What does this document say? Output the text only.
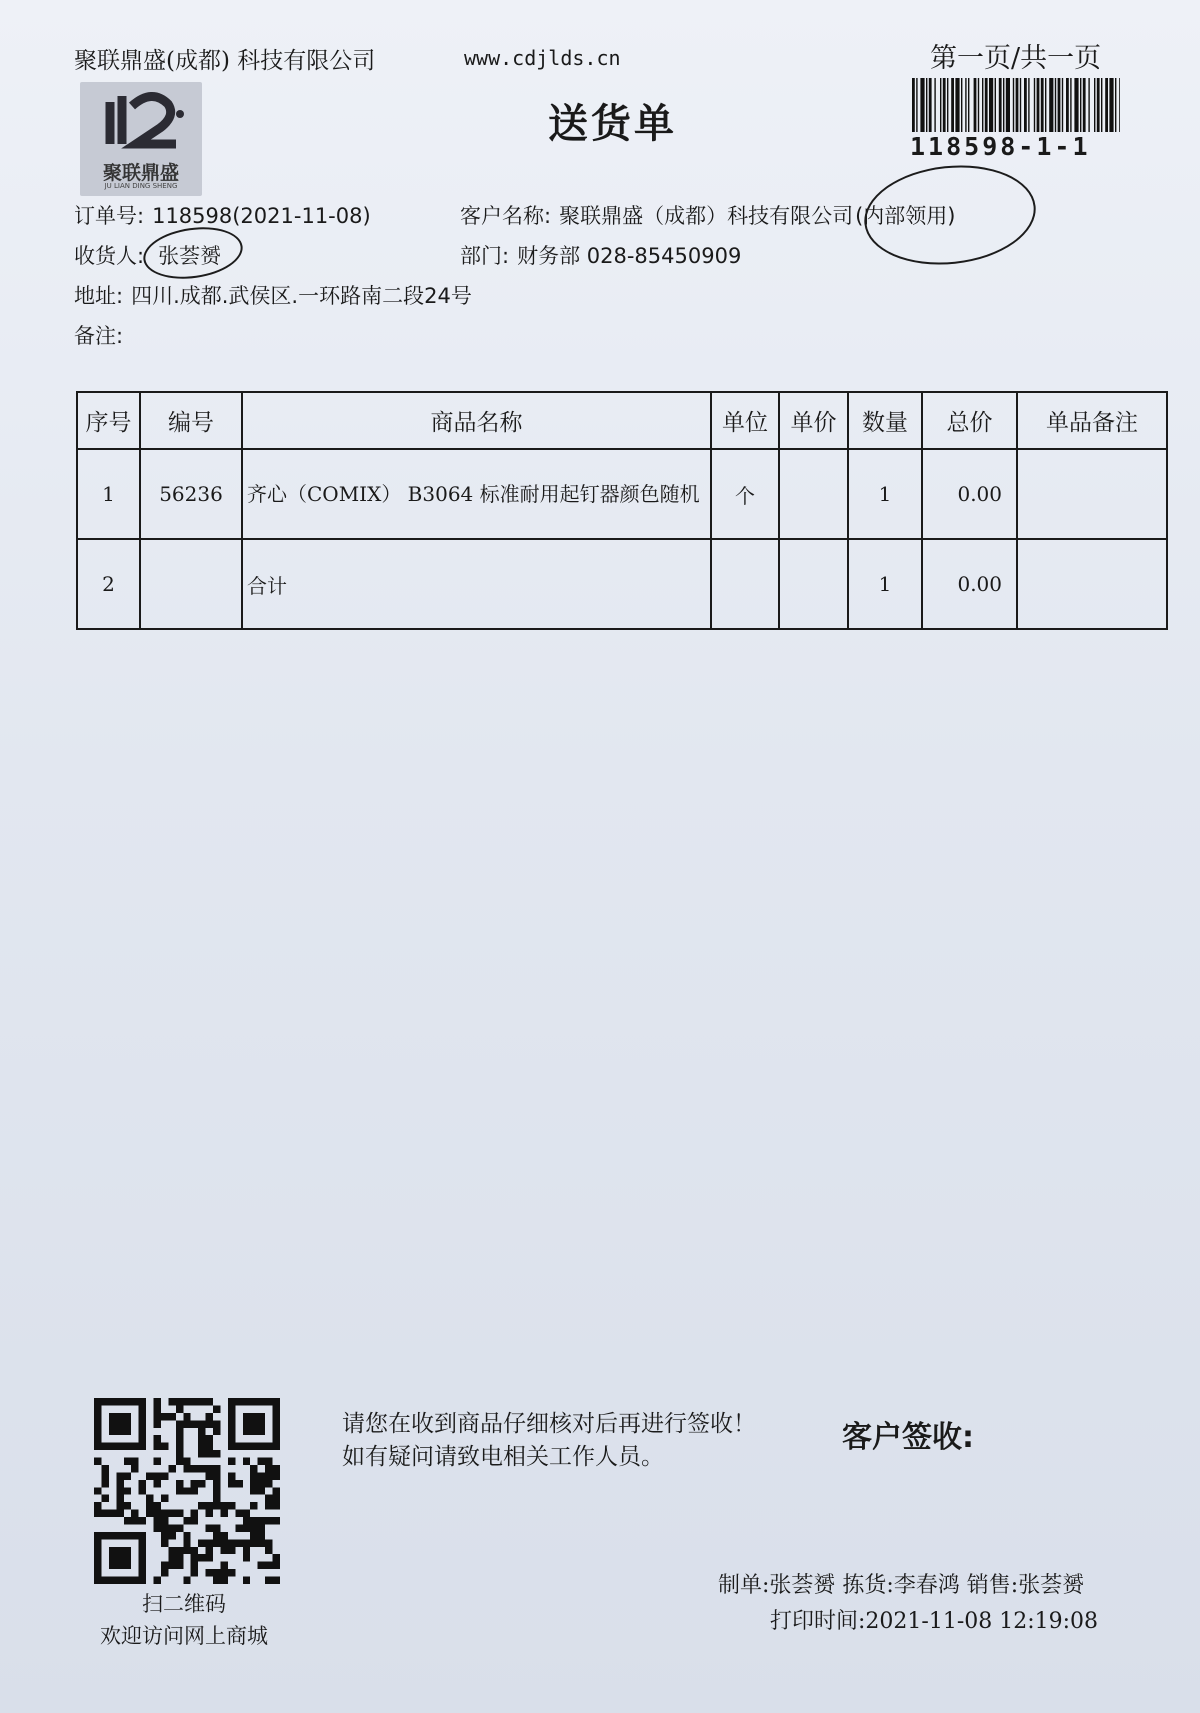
聚联鼎盛(成都) 科技有限公司	www.cdjlds.cn	第一页/共一页
聚联鼎盛
JU LIAN DING SHENG
送货单	118598-1-1
订单号: 118598(2021-11-08)
收货人: 张荟赟
地址: 四川.成都.武侯区.一环路南二段24号
备注:
客户名称: 聚联鼎盛（成都）科技有限公司(内部领用)
部门: 财务部 028-85450909
序号	编号	商品名称	单位	单价	数量	总价	单品备注
1	56236	齐心（COMIX） B3064 标准耐用起钉器颜色随机	个		1	0.00	
2		合计			1	0.00	
扫二维码
欢迎访问网上商城
请您在收到商品仔细核对后再进行签收！如有疑问请致电相关工作人员。
客户签收:
制单:张荟赟 拣货:李春鸿 销售:张荟赟
打印时间:2021-11-08 12:19:08
